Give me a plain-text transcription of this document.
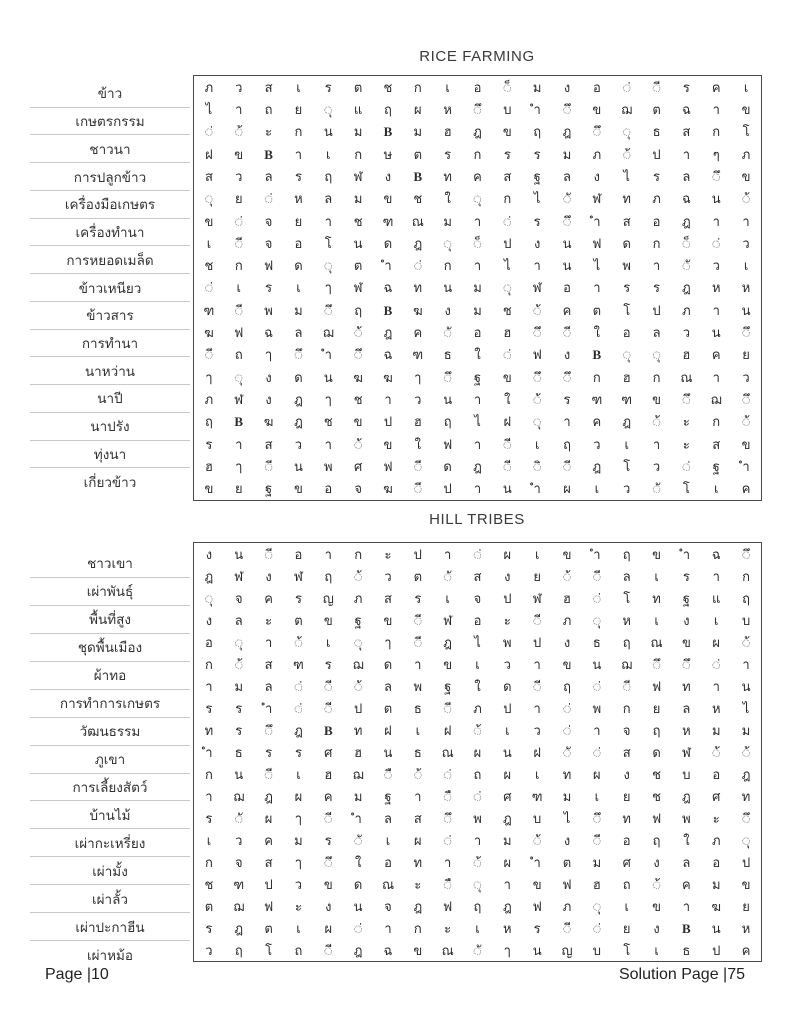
RICE FARMING
ข้าว
เกษตรกรรม
ชาวนา
การปลูกข้าว
เครื่องมือเกษตร
เครื่องทำนา
การหยอดเมล็ด
ข้าวเหนียว
ข้าวสาร
การทำนา
นาหว่าน
นาปี
นาปรัง
ทุ่งนา
เกี่ยวข้าว
ภ	ว	ส	เ	ร	ต	ช	ก	เ	อ	◌็	ม	ง	อ	◌่	◌ี	ร	ค	เ
ไ	า	ถ	ย	◌ุ	แ	ฤ	ผ	ห	◌ึ	บ	ำ	◌ึ	ข	ฌ	ต	ฉ	า	ข
◌่	◌้	ะ	ก	น	ม	B	ม	ฮ	ฎ	ข	ฤ	ฎ	◌ึ	◌ุ	ธ	ส	ก	โ
ฝ	ข	B	า	เ	ก	ษ	ต	ร	ก	ร	ร	ม	ภ	◌้	ป	า	ๆ	ภ
ส	ว	ล	ร	ฤ	ฬ	ง	B	ท	ค	ส	ฐ	ล	ง	ไ	ร	ล	◌ึ	ข
◌ุ	ย	◌่	ห	ล	ม	ข	ช	ใ	◌ุ	ก	ไ	◌ั	ฬ	ท	ภ	ฉ	น	◌้
ข	◌่	จ	ย	า	ช	ฑ	ณ	ม	า	◌่	ร	◌ึ	ำ	ส	อ	ฎ	า	า
เ	◌ี	จ	อ	โ	น	ด	ฎ	◌ุ	◌็	ป	ง	น	ฟ	ด	ก	◌็	◌่	ว
ช	ก	ฟ	ด	◌ุ	ต	ำ	◌่	ก	า	ไ	า	น	ไ	พ	า	◌ั	ว	เ
◌่	เ	ร	เ	ๅ	ฬ	ฉ	ท	น	ม	◌ุ	ฬ	อ	า	ร	ร	ฎ	ห	ห
ฑ	◌ี	พ	ม	◌ึ	ฤ	B	ฆ	ง	ม	ช	◌้	ค	ต	โ	ป	ภ	า	น
ฆ	ฟ	ฉ	ล	ฌ	◌้	ฎ	ค	◌ั	อ	ฮ	◌ึ	◌ี	ใ	อ	ล	ว	น	◌ึ
◌ี	ถ	ๅ	◌ึ	ำ	◌ึ	ฉ	ฑ	ธ	ใ	◌่	ฟ	ง	B	◌ุ	◌ุ	ฮ	ค	ย
ๅ	◌ุ	ง	ด	น	ฆ	ฆ	ๅ	◌ึ	ฐ	ข	◌ึ	◌ึ	ก	ฮ	ก	ณ	า	ว
ภ	ฬ	ง	ฎ	ๅ	ช	า	ว	น	า	ใ	◌้	ร	ฑ	ฑ	ข	◌ึ	ฌ	◌ึ
ฤ	B	ฆ	ฎ	ช	ข	ป	ฮ	ฤ	ไ	ฝ	◌ุ	า	ค	ฎ	◌้	ะ	ก	◌้
ร	า	ส	ว	า	◌้	ข	ใ	ฟ	า	◌ี	เ	ฤ	ว	เ	า	ะ	ส	ข
ฮ	ๅ	◌ี	น	พ	ศ	ฟ	◌ี	ด	ฎ	◌ี	◌ิ	◌ี	ฎ	โ	ว	◌่	ฐ	ำ
ข	ย	ฐ	ข	อ	จ	ฆ	◌ี	ป	า	น	ำ	ผ	เ	ว	◌ั	โ	เ	ค
HILL TRIBES
ชาวเขา
เผ่าพันธุ์
พื้นที่สูง
ชุดพื้นเมือง
ผ้าทอ
การทำการเกษตร
วัฒนธรรม
ภูเขา
การเลี้ยงสัตว์
บ้านไม้
เผ่ากะเหรี่ยง
เผ่ามั้ง
เผ่าลั้ว
เผ่าปะกาฮีน
เผ่าหม้อ
ง	น	◌ี	อ	า	ก	ะ	ป	า	◌่	ผ	เ	ข	ำ	ฤ	ข	ำ	ฉ	◌ึ
ฎ	ฬ	ง	ฬ	ฤ	◌้	ว	ต	◌ั	ส	ง	ย	◌้	◌ี	ล	เ	ร	า	ก
◌ุ	จ	ค	ร	ญ	ภ	ส	ร	เ	จ	ป	ฬ	ฮ	◌่	โ	ท	ฐ	แ	ฤ
ง	ล	ะ	ต	ข	ฐ	ข	◌ี	ฬ	อ	ะ	◌ี	ภ	◌ุ	ห	เ	ง	เ	บ
อ	◌ุ	า	◌้	เ	◌ุ	ๅ	◌ี	ฎ	ไ	พ	ป	ง	ธ	ฤ	ณ	ข	ผ	◌้
ก	◌้	ส	ฑ	ร	ฌ	ด	า	ข	เ	ว	า	ข	น	ฌ	◌ึ	◌ึ	◌่	า
า	ม	ล	◌่	◌ี	◌้	ล	พ	ฐ	ใ	ด	◌ี	ฤ	◌่	◌ี	ฟ	ท	า	น
ร	ร	ำ	◌่	◌ี	ป	ต	ธ	◌ี	ภ	ป	า	◌่	พ	ก	ย	ล	ห	ไ
ท	ร	◌ึ	ฎ	B	ท	ฝ	เ	ฝ	◌้	เ	ว	◌่	า	จ	ฤ	ห	ม	ม
ำ	ธ	ร	ร	ศ	ฮ	น	ธ	ณ	ผ	น	ฝ	◌ั	◌่	ส	ด	ฬ	◌้	◌้
ก	น	◌ี	เ	ฮ	ฌ	◌ื	◌้	◌่	ถ	ผ	เ	ท	ผ	ง	ช	บ	อ	ฎ
า	ฌ	ฎ	ผ	ค	ม	ฐ	า	◌ื	◌่	ศ	ฑ	ม	เ	ย	ช	ฎ	ศ	ท
ร	◌ั	ผ	ๅ	◌ี	ำ	ล	ส	◌ึ	พ	ฎ	บ	ไ	◌ึ	ท	ฟ	พ	ะ	◌ึ
เ	ว	ค	ม	ร	◌ั	เ	ผ	◌่	า	ม	◌้	ง	◌ี	อ	ฤ	ใ	ภ	◌ุ
ก	จ	ส	ๅ	◌ึ	ใ	อ	ท	า	◌้	ผ	ำ	ต	ม	ศ	ง	ล	อ	ป
ช	ฑ	ป	ว	ข	ด	ณ	ะ	◌ื	◌ุ	า	ข	ฟ	ฮ	ถ	◌้	ค	ม	ข
ต	ฌ	ฟ	ะ	ง	น	จ	ฎ	ฟ	ฤ	ฎ	ฟ	ภ	◌ุ	เ	ข	า	ฆ	ย
ร	ฎ	ต	เ	ผ	◌่	า	ก	ะ	เ	ห	ร	◌ี	◌่	ย	ง	B	น	ห
ว	ฤ	โ	ถ	◌ี	ฎ	ฉ	ข	ณ	◌ั	ๅ	น	ญ	บ	โ	เ	ธ	ป	ค
Page |10	Solution Page |75
